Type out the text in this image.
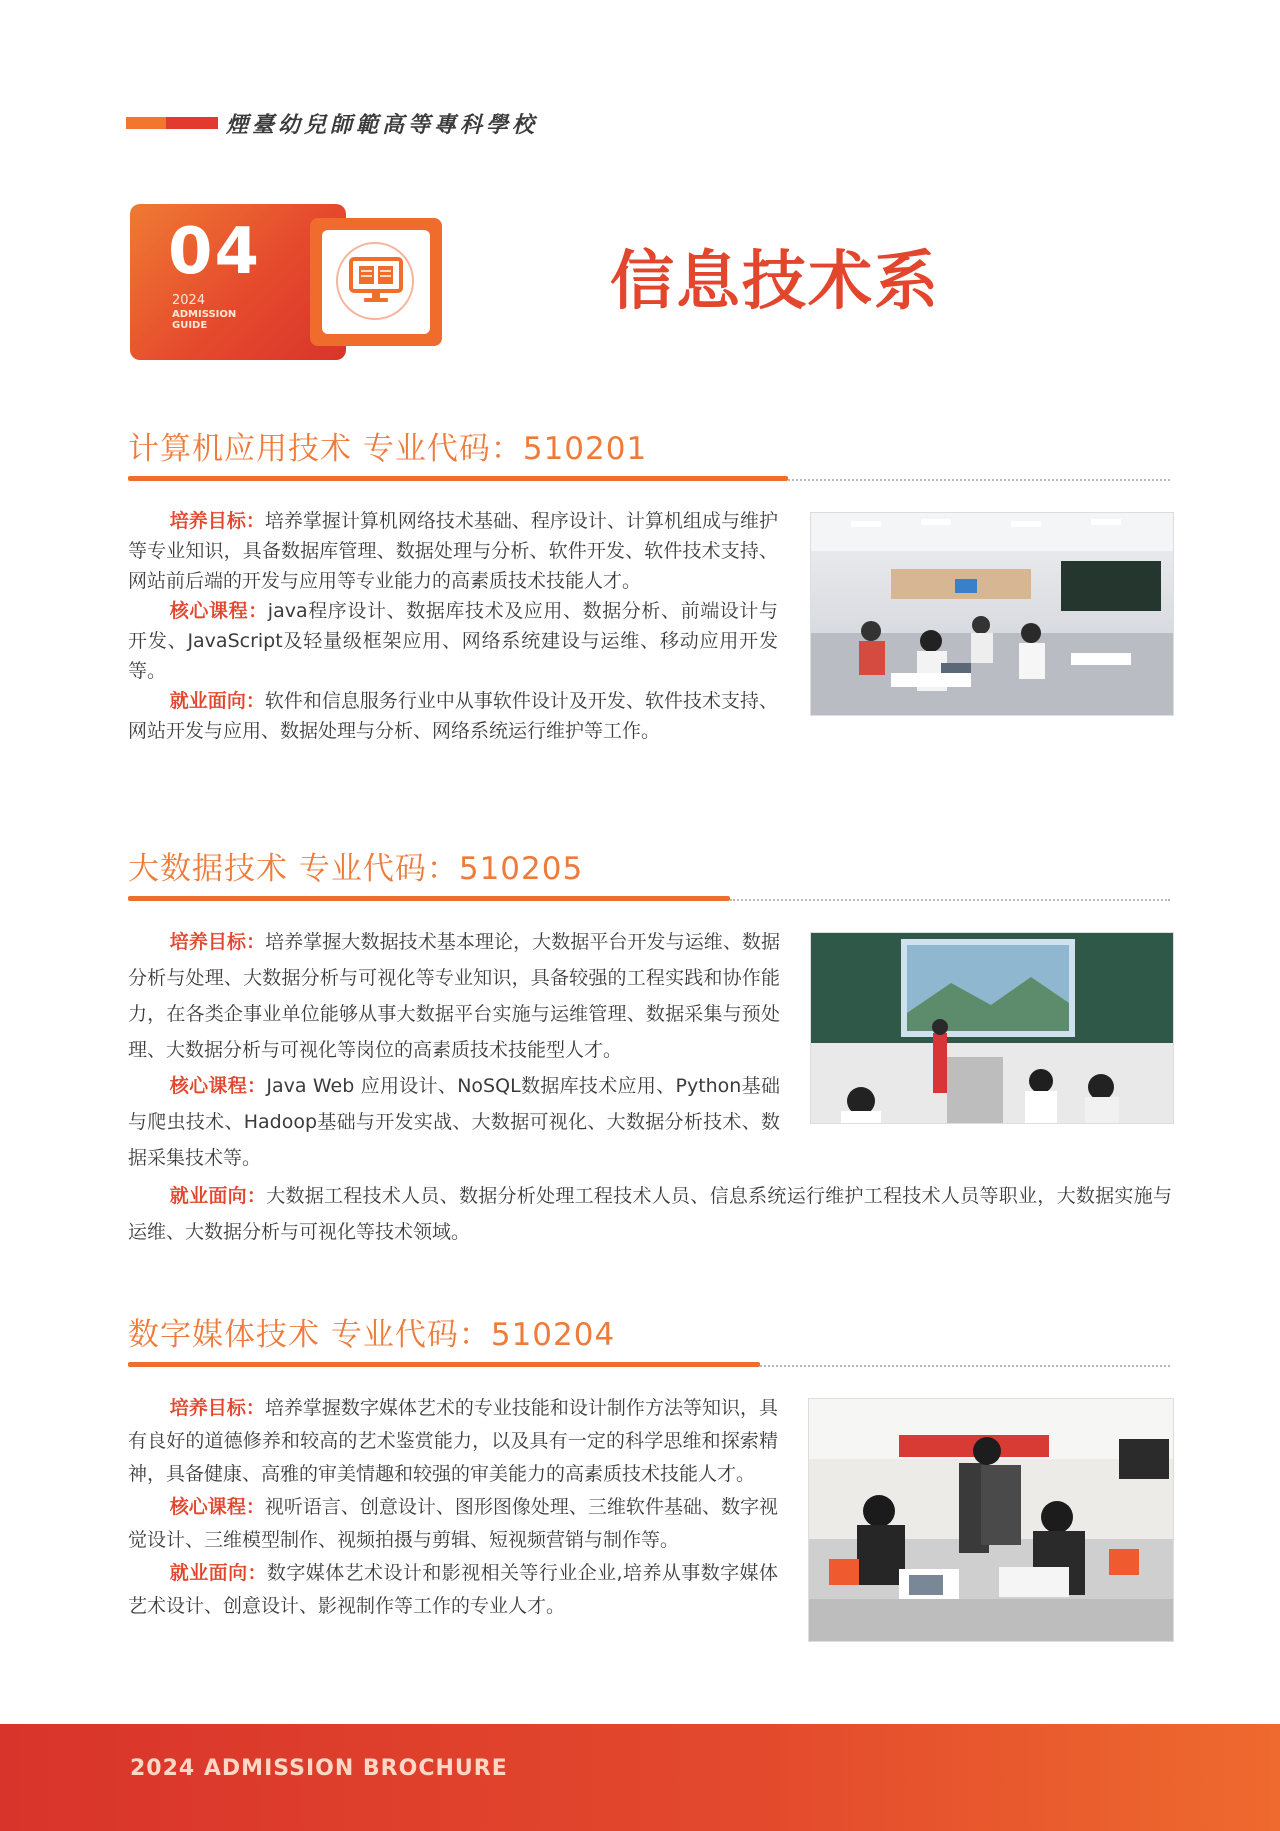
煙臺幼兒師範高等專科學校
04
2024
ADMISSION
GUIDE
信息技术系
计算机应用技术 专业代码：510201

培养目标：培养掌握计算机网络技术基础、程序设计、计算机组成与维护等专业知识，具备数据库管理、数据处理与分析、软件开发、软件技术支持、网站前后端的开发与应用等专业能力的高素质技术技能人才。

核心课程：java程序设计、数据库技术及应用、数据分析、前端设计与开发、JavaScript及轻量级框架应用、网络系统建设与运维、移动应用开发等。

就业面向：软件和信息服务行业中从事软件设计及开发、软件技术支持、网站开发与应用、数据处理与分析、网络系统运行维护等工作。

大数据技术 专业代码：510205

培养目标：培养掌握大数据技术基本理论，大数据平台开发与运维、数据分析与处理、大数据分析与可视化等专业知识，具备较强的工程实践和协作能力，在各类企事业单位能够从事大数据平台实施与运维管理、数据采集与预处理、大数据分析与可视化等岗位的高素质技术技能型人才。

核心课程：Java Web 应用设计、NoSQL数据库技术应用、Python基础与爬虫技术、Hadoop基础与开发实战、大数据可视化、大数据分析技术、数据采集技术等。

就业面向：大数据工程技术人员、数据分析处理工程技术人员、信息系统运行维护工程技术人员等职业，大数据实施与运维、大数据分析与可视化等技术领域。

数字媒体技术 专业代码：510204

培养目标：培养掌握数字媒体艺术的专业技能和设计制作方法等知识，具有良好的道德修养和较高的艺术鉴赏能力，以及具有一定的科学思维和探索精神，具备健康、高雅的审美情趣和较强的审美能力的高素质技术技能人才。

核心课程：视听语言、创意设计、图形图像处理、三维软件基础、数字视觉设计、三维模型制作、视频拍摄与剪辑、短视频营销与制作等。

就业面向：数字媒体艺术设计和影视相关等行业企业,培养从事数字媒体艺术设计、创意设计、影视制作等工作的专业人才。

2024 ADMISSION BROCHURE
